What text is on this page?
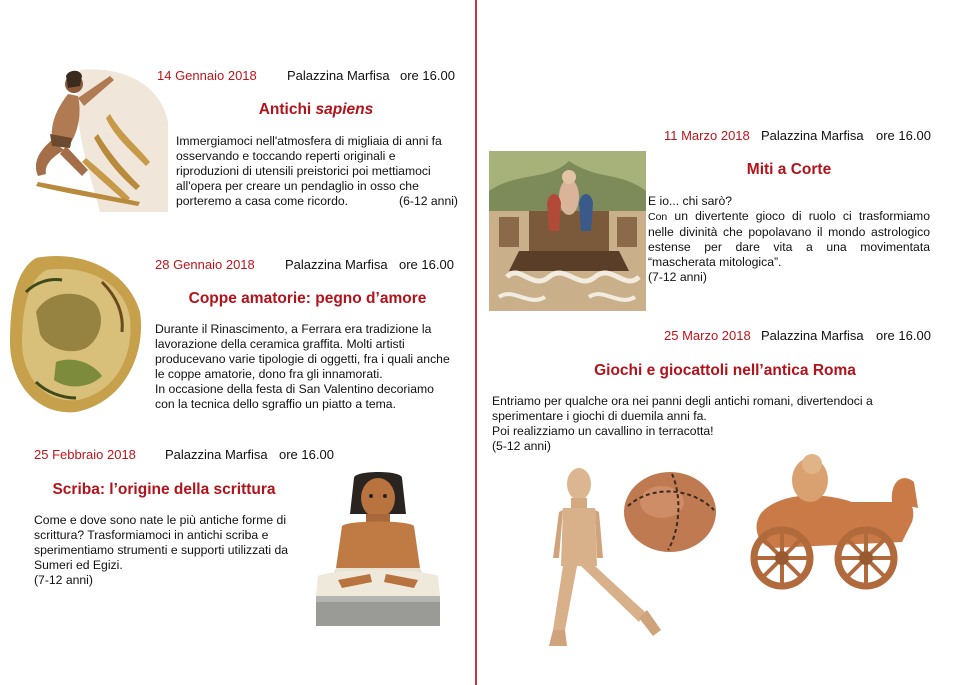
14 Gennaio 2018 Palazzina Marfisa ore 16.00
Antichi sapiens

Immergiamoci nell'atmosfera di migliaia di anni fa osservando e toccando reperti originali e riproduzioni di utensili preistorici poi mettiamoci all'opera per creare un pendaglio in osso che porteremo a casa come ricordo.	(6-12 anni)

28 Gennaio 2018 Palazzina Marfisa ore 16.00
Coppe amatorie: pegno d’amore

Durante il Rinascimento, a Ferrara era tradizione la lavorazione della ceramica graffita. Molti artisti producevano varie tipologie di oggetti, fra i quali anche le coppe amatorie, dono fra gli innamorati.

In occasione della festa di San Valentino decoriamo con la tecnica dello sgraffio un piatto a tema.

25 Febbraio 2018 Palazzina Marfisa ore 16.00
Scriba: l’origine della scrittura

Come e dove sono nate le più antiche forme di scrittura? Trasformiamoci in antichi scriba e sperimentiamo strumenti e supporti utilizzati da Sumeri ed Egizi.

(7-12 anni)

11 Marzo 2018 Palazzina Marfisa ore 16.00
Miti a Corte

E io... chi sarò?

Con un divertente gioco di ruolo ci trasformiamo nelle divinità che popolavano il mondo astrologico estense per dare vita a una movimentata “mascherata mitologica”.

(7-12 anni)

25 Marzo 2018 Palazzina Marfisa ore 16.00
Giochi e giocattoli nell’antica Roma

Entriamo per qualche ora nei panni degli antichi romani, divertendoci a sperimentare i giochi di duemila anni fa.

Poi realizziamo un cavallino in terracotta!

(5-12 anni)
